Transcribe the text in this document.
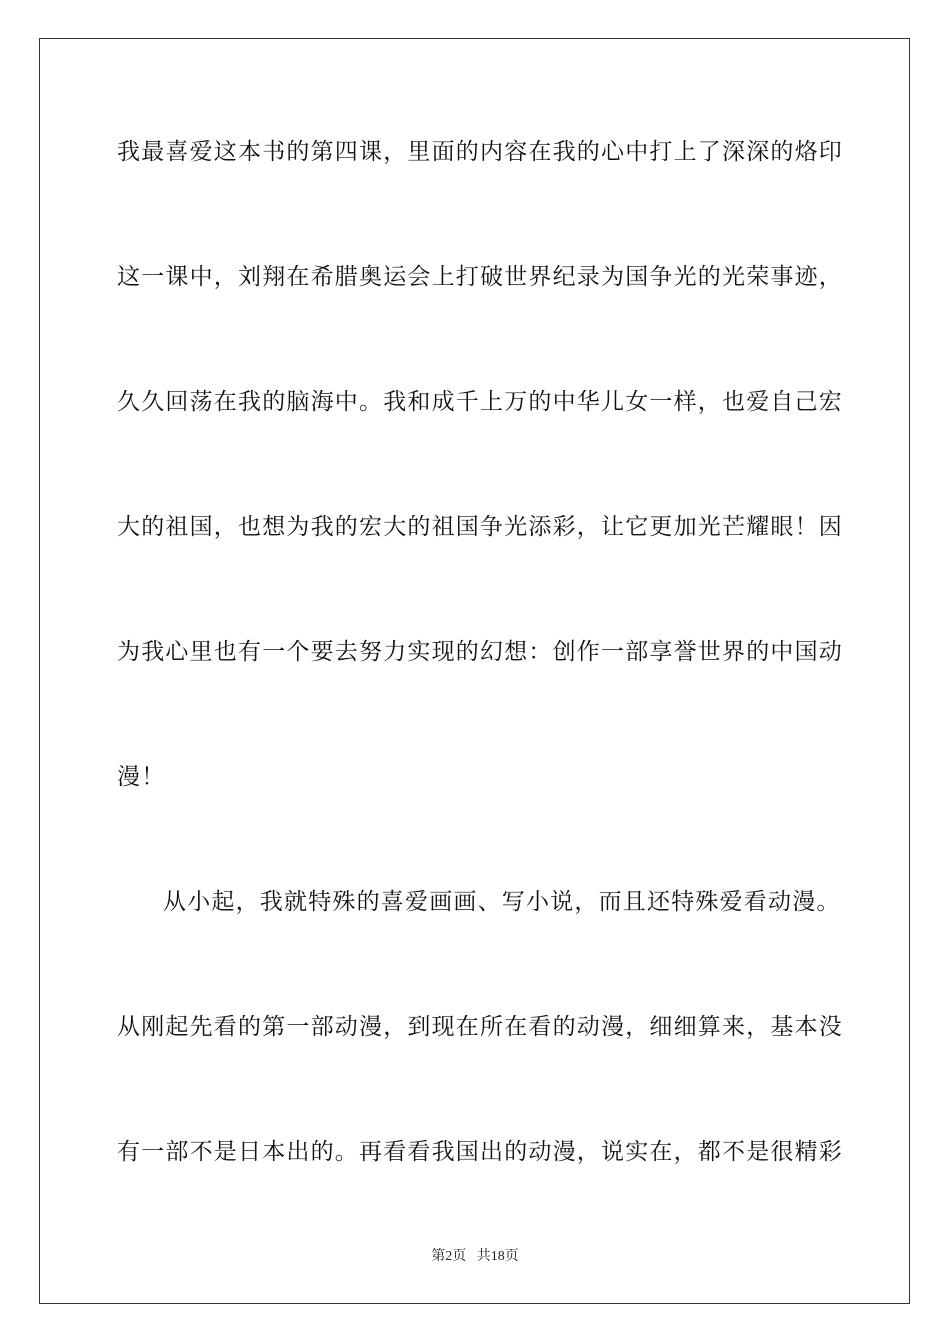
我最喜爱这本书的第四课，里面的内容在我的心中打上了深深的烙印
这一课中，刘翔在希腊奥运会上打破世界纪录为国争光的光荣事迹，
久久回荡在我的脑海中。我和成千上万的中华儿女一样，也爱自己宏
大的祖国，也想为我的宏大的祖国争光添彩，让它更加光芒耀眼！因
为我心里也有一个要去努力实现的幻想：创作一部享誉世界的中国动
漫！
从小起，我就特殊的喜爱画画、写小说，而且还特殊爱看动漫。
从刚起先看的第一部动漫，到现在所在看的动漫，细细算来，基本没
有一部不是日本出的。再看看我国出的动漫，说实在，都不是很精彩
第2页   共18页
